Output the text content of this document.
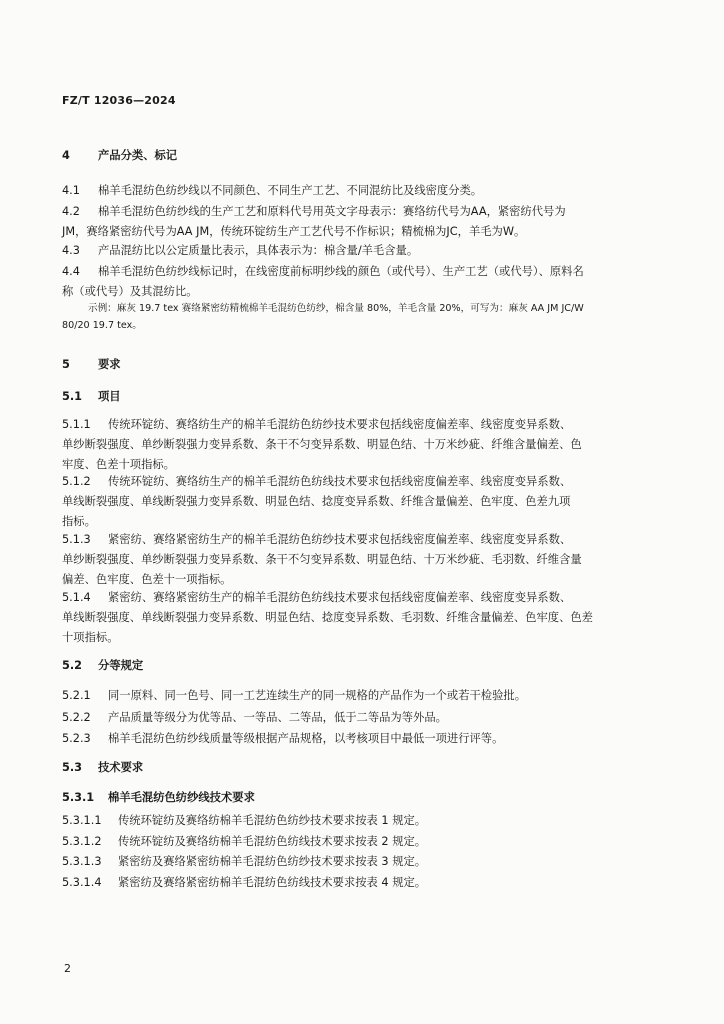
FZ/T 12036—2024
4 产品分类、标记
4.1 棉羊毛混纺色纺纱线以不同颜色、不同生产工艺、不同混纺比及线密度分类。

4.2 棉羊毛混纺色纺纱线的生产工艺和原料代号用英文字母表示：赛络纺代号为AA，紧密纺代号为

JM，赛络紧密纺代号为AA JM，传统环锭纺生产工艺代号不作标识；精梳棉为JC，羊毛为W。

4.3 产品混纺比以公定质量比表示，具体表示为：棉含量/羊毛含量。

4.4 棉羊毛混纺色纺纱线标记时，在线密度前标明纱线的颜色（或代号）、生产工艺（或代号）、原料名

称（或代号）及其混纺比。

示例：麻灰 19.7 tex 赛络紧密纺精梳棉羊毛混纺色纺纱，棉含量 80%，羊毛含量 20%，可写为：麻灰 AA JM JC/W

80/20 19.7 tex。

5 要求
5.1 项目

5.1.1 传统环锭纺、赛络纺生产的棉羊毛混纺色纺纱技术要求包括线密度偏差率、线密度变异系数、

单纱断裂强度、单纱断裂强力变异系数、条干不匀变异系数、明显色结、十万米纱疵、纤维含量偏差、色

牢度、色差十项指标。

5.1.2 传统环锭纺、赛络纺生产的棉羊毛混纺色纺线技术要求包括线密度偏差率、线密度变异系数、

单线断裂强度、单线断裂强力变异系数、明显色结、捻度变异系数、纤维含量偏差、色牢度、色差九项

指标。

5.1.3 紧密纺、赛络紧密纺生产的棉羊毛混纺色纺纱技术要求包括线密度偏差率、线密度变异系数、

单纱断裂强度、单纱断裂强力变异系数、条干不匀变异系数、明显色结、十万米纱疵、毛羽数、纤维含量

偏差、色牢度、色差十一项指标。

5.1.4 紧密纺、赛络紧密纺生产的棉羊毛混纺色纺线技术要求包括线密度偏差率、线密度变异系数、

单线断裂强度、单线断裂强力变异系数、明显色结、捻度变异系数、毛羽数、纤维含量偏差、色牢度、色差

十项指标。

5.2 分等规定
5.2.1 同一原料、同一色号、同一工艺连续生产的同一规格的产品作为一个或若干检验批。
5.2.2 产品质量等级分为优等品、一等品、二等品，低于二等品为等外品。
5.2.3 棉羊毛混纺色纺纱线质量等级根据产品规格，以考核项目中最低一项进行评等。
5.3 技术要求
5.3.1 棉羊毛混纺色纺纱线技术要求
5.3.1.1 传统环锭纺及赛络纺棉羊毛混纺色纺纱技术要求按表 1 规定。
5.3.1.2 传统环锭纺及赛络纺棉羊毛混纺色纺线技术要求按表 2 规定。
5.3.1.3 紧密纺及赛络紧密纺棉羊毛混纺色纺纱技术要求按表 3 规定。
5.3.1.4 紧密纺及赛络紧密纺棉羊毛混纺色纺线技术要求按表 4 规定。
2
